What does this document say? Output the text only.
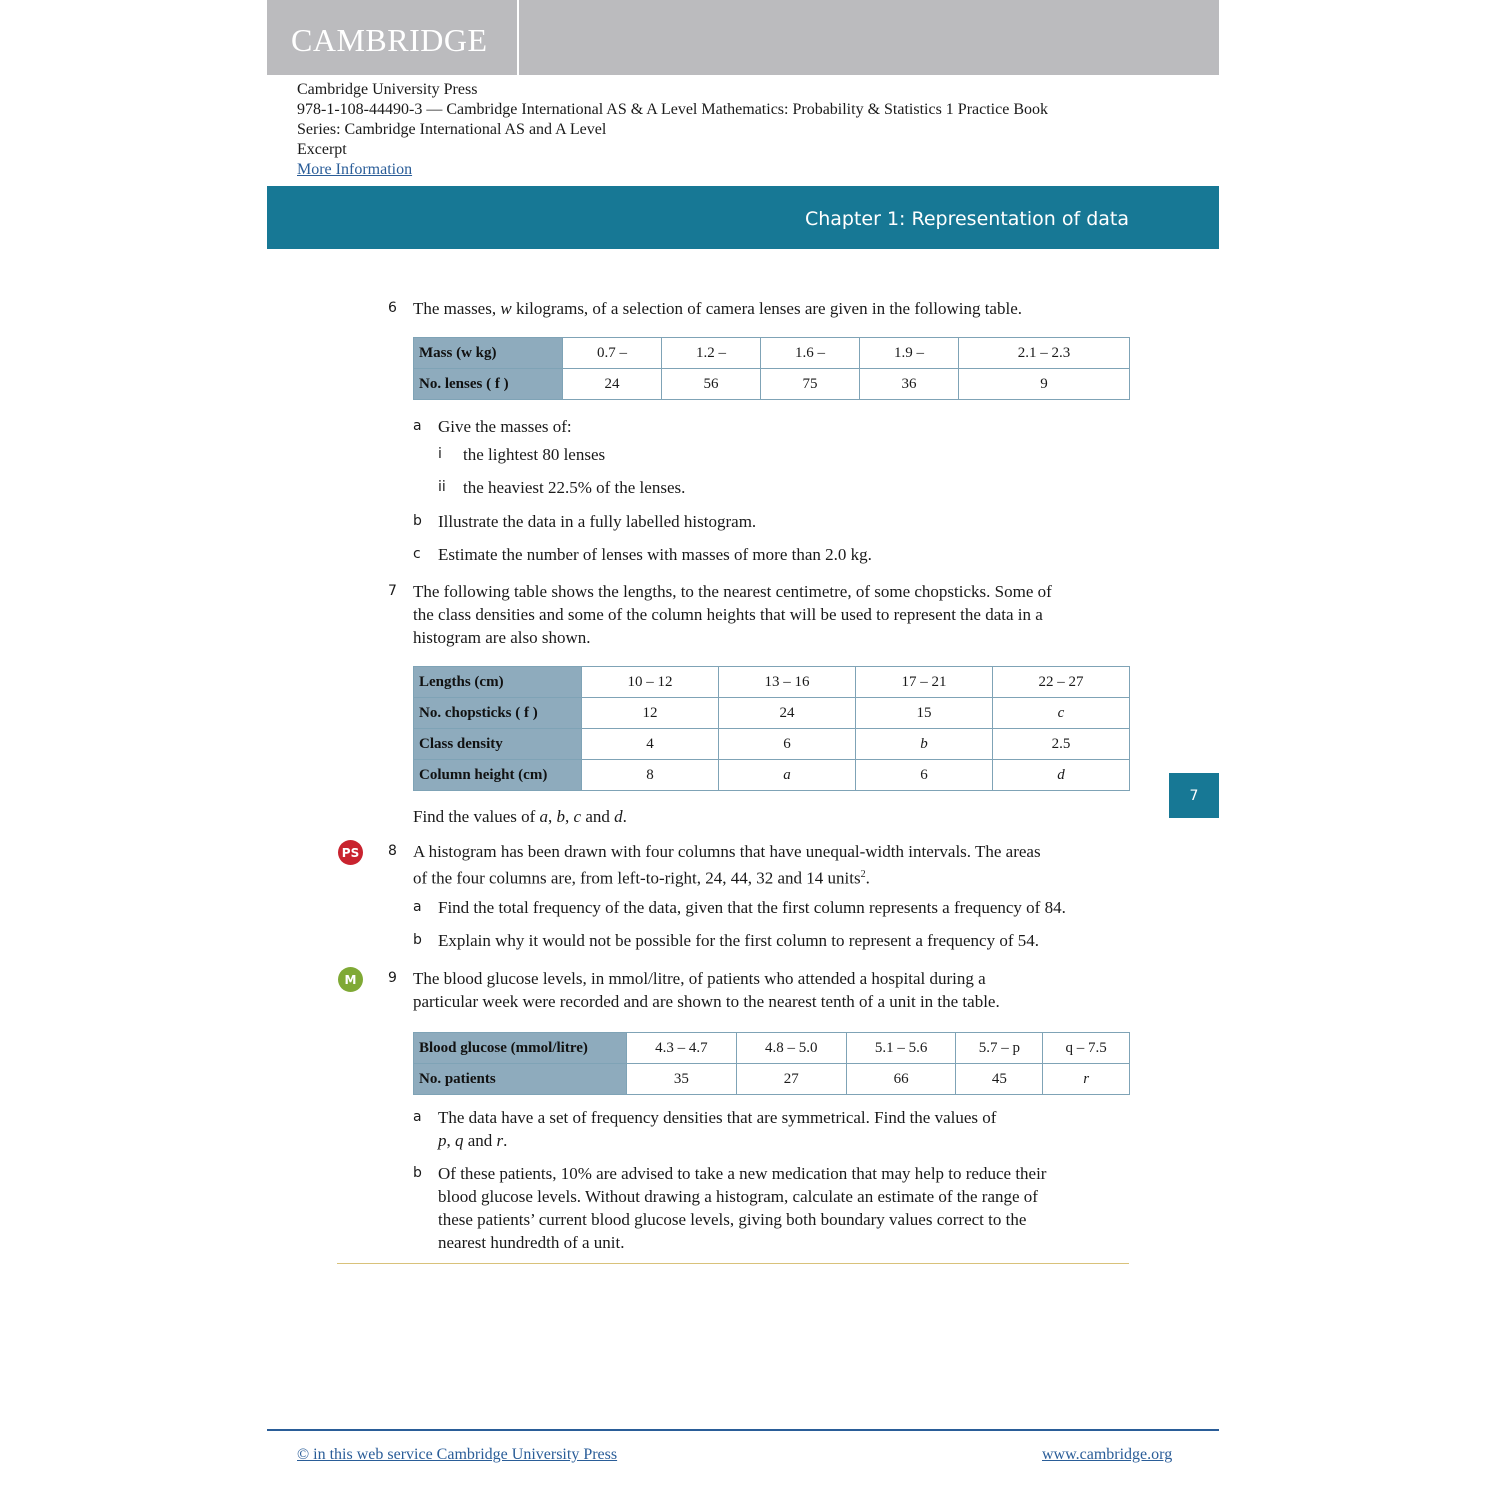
CAMBRIDGE
Cambridge University Press
978-1-108-44490-3 — Cambridge International AS & A Level Mathematics: Probability & Statistics 1 Practice Book
Series: Cambridge International AS and A Level
Excerpt
More Information
Chapter 1: Representation of data
6 The masses, w kilograms, of a selection of camera lenses are given in the following table.
Mass (w kg)	0.7 –	1.2 –	1.6 –	1.9 –	2.1 – 2.3
No. lenses ( f )	24	56	75	36	9
a Give the masses of:
i the lightest 80 lenses
ii the heaviest 22.5% of the lenses.
b Illustrate the data in a fully labelled histogram.
c Estimate the number of lenses with masses of more than 2.0 kg.
7 The following table shows the lengths, to the nearest centimetre, of some chopsticks. Some of
the class densities and some of the column heights that will be used to represent the data in a
histogram are also shown.
Lengths (cm)	10 – 12	13 – 16	17 – 21	22 – 27
No. chopsticks ( f )	12	24	15	c
Class density	4	6	b	2.5
Column height (cm)	8	a	6	d
Find the values of a, b, c and d.
PS 8 A histogram has been drawn with four columns that have unequal-width intervals. The areas
of the four columns are, from left-to-right, 24, 44, 32 and 14 units$^2$.
a Find the total frequency of the data, given that the first column represents a frequency of 84.
b Explain why it would not be possible for the first column to represent a frequency of 54.
M	9 The blood glucose levels, in mmol/litre, of patients who attended a hospital during a
particular week were recorded and are shown to the nearest tenth of a unit in the table.
Blood glucose (mmol/litre)	4.3 – 4.7	4.8 – 5.0	5.1 – 5.6	5.7 – p	q – 7.5
No. patients	35	27	66	45	r
a The data have a set of frequency densities that are symmetrical. Find the values of
p, q and r.
b Of these patients, 10% are advised to take a new medication that may help to reduce their
blood glucose levels. Without drawing a histogram, calculate an estimate of the range of
these patients’ current blood glucose levels, giving both boundary values correct to the
nearest hundredth of a unit.
7
© in this web service Cambridge University Press	www.cambridge.org
